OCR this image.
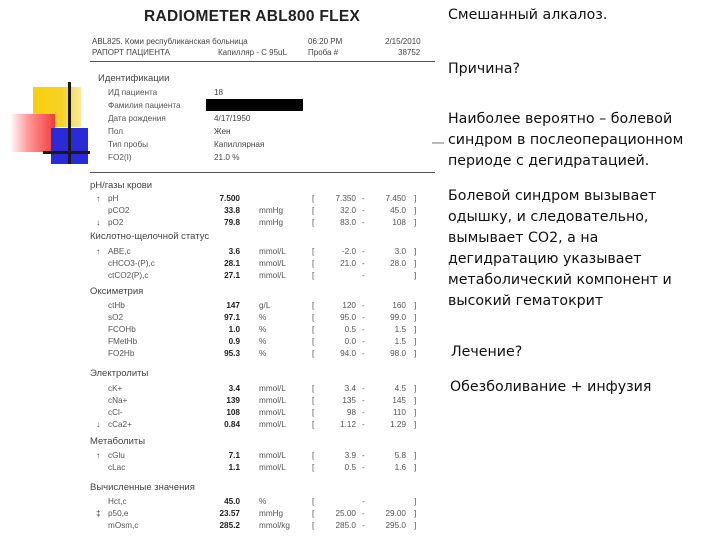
RADIOMETER ABL800 FLEX
ABL825. Коми республиканская больница	06:20 PM	2/15/2010
РАПОРТ ПАЦИЕНТА	Капилляр - С 95uL	Проба #	38752
Идентификации
ИД пациента	18
Фамилия пациента
Дата рождения	4/17/1950
Пол	Жен
Тип пробы	Капиллярная
FO2(I)	21.0 %
pH/газы крови
↑ pH	7.500	[	7.350 -	7.450 ]
pCO2	33.8 mmHg	[	32.0 -	45.0 ]
↓ pO2	79.8 mmHg	[	83.0 -	108 ]
Кислотно-щелочной статус
↑ ABE,c	3.6 mmol/L	[	-2.0 -	3.0 ]
cHCO3-(P),c	28.1 mmol/L	[	21.0 -	28.0 ]
ctCO2(P),c	27.1 mmol/L	[	-	]
Оксиметрия
ctHb	147 g/L	[	120 -	160 ]
sO2	97.1 %	[	95.0 -	99.0 ]
FCOHb	1.0 %	[	0.5 -	1.5 ]
FMetHb	0.9 %	[	0.0 -	1.5 ]
FO2Hb	95.3 %	[	94.0 -	98.0 ]
Электролиты
cK+	3.4 mmol/L	[	3.4 -	4.5 ]
cNa+	139 mmol/L	[	135 -	145 ]
cCl-	108 mmol/L	[	98 -	110 ]
↓ cCa2+	0.84 mmol/L	[	1.12 -	1.29 ]
Метаболиты
↑ cGlu	7.1 mmol/L	[	3.9 -	5.8 ]
cLac	1.1 mmol/L	[	0.5 -	1.6 ]
Вычисленные значения
Hct,c	45.0 %	[	-	]
‡ p50,e	23.57 mmHg	[	25.00 -	29.00 ]
mOsm,c	285.2 mmol/kg	[	285.0 -	295.0 ]
Смешанный алкалоз.
Причина?
Наиболее вероятно – болевой
синдром в послеоперационном
периоде с дегидратацией.
Болевой синдром вызывает
одышку, и следовательно,
вымывает СО2, а на
дегидратацию указывает
метаболический компонент и
высокий гематокрит
Лечение?
Обезболивание + инфузия
